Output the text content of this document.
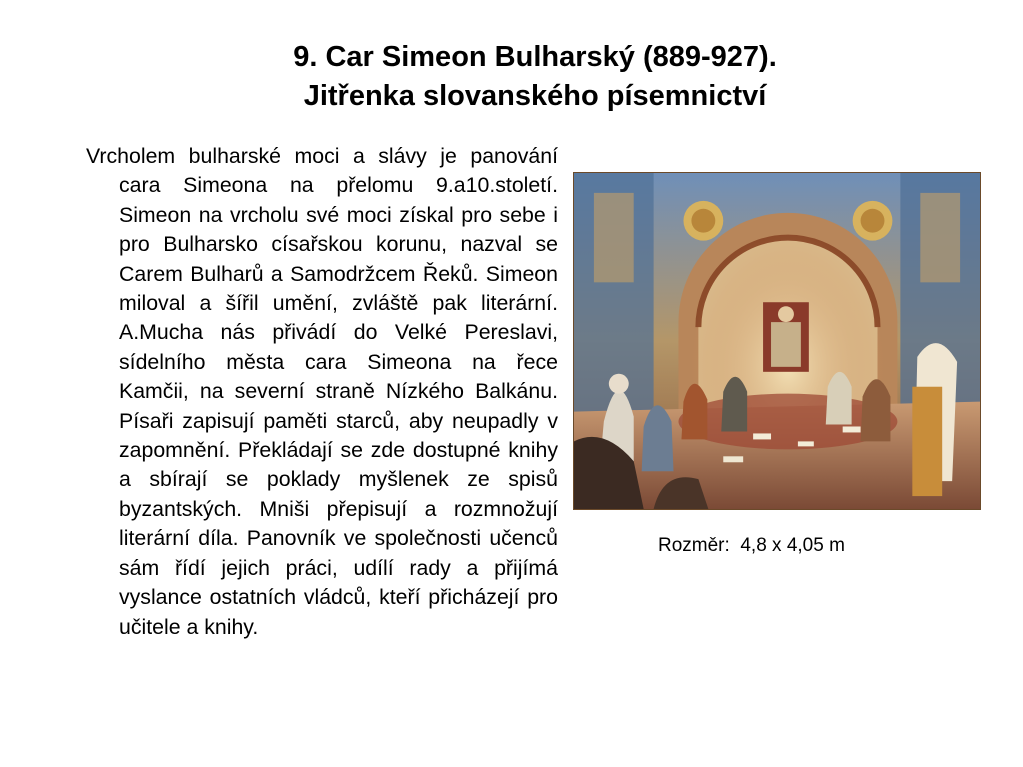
9. Car Simeon Bulharský (889-927).
Jitřenka slovanského písemnictví
Vrcholem bulharské moci a slávy je panování cara Simeona na přelomu 9.a10.století. Simeon na vrcholu své moci získal pro sebe i pro Bulharsko císařskou korunu, nazval se Carem Bulharů a Samodržcem Řeků. Simeon miloval a šířil umění, zvláště pak literární. A.Mucha nás přivádí do Velké Pereslavi, sídelního města cara Simeona na řece Kamčii, na severní straně Nízkého Balkánu. Písaři zapisují paměti starců, aby neupadly v zapomnění. Překládají se zde dostupné knihy a sbírají se poklady myšlenek ze spisů byzantských. Mniši přepisují a rozmnožují literární díla. Panovník ve společnosti učenců sám řídí jejich práci, udílí rady a přijímá vyslance ostatních vládců, kteří přicházejí pro učitele a knihy.
Rozměr:  4,8 x 4,05 m
